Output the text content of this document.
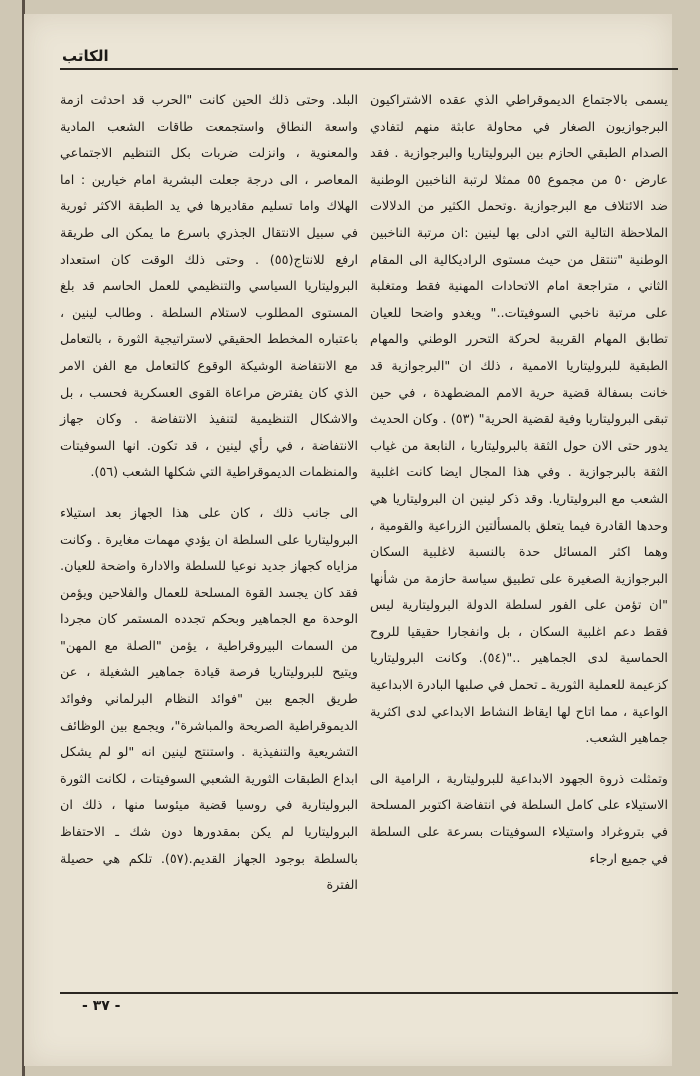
الكاتب

يسمى بالاجتماع الديموقراطي الذي عقده الاشتراكيون البرجوازيون الصغار في محاولة عابثة منهم لتفادي الصدام الطبقي الحازم بين البروليتاريا والبرجوازية . فقد عارض ٥٠ من مجموع ٥٥ ممثلا لرتبة الناخبين الوطنية ضد الائتلاف مع البرجوازية .وتحمل الكثير من الدلالات الملاحظة التالية التي ادلى بها لينين :ان مرتبة الناخبين الوطنية "تنتقل من حيث مستوى الراديكالية الى المقام الثاني ، متراجعة امام الاتحادات المهنية فقط ومتغلبة على مرتبة ناخبي السوفيتات.." ويغدو واضحا للعيان تطابق المهام القريبة لحركة التحرر الوطني والمهام الطبقية للبروليتاريا الاممية ، ذلك ان "البرجوازية قد خانت بسفالة قضية حرية الامم المضطهدة ، في حين تبقى البروليتاريا وفية لقضية الحرية" (٥٣) . وكان الحديث يدور حتى الان حول الثقة بالبروليتاريا ، النابعة من غياب الثقة بالبرجوازية . وفي هذا المجال ايضا كانت اغلبية الشعب مع البروليتاريا. وقد ذكر لينين ان البروليتاريا هي وحدها القادرة فيما يتعلق بالمسألتين الزراعية والقومية ، وهما اكثر المسائل حدة بالنسبة لاغلبية السكان البرجوازية الصغيرة على تطبيق سياسة حازمة من شأنها "ان تؤمن على الفور لسلطة الدولة البروليتارية ليس فقط دعم اغلبية السكان ، بل وانفجارا حقيقيا للروح الحماسية لدى الجماهير .."(٥٤). وكانت البروليتاريا كزعيمة للعملية الثورية ـ تحمل في صلبها البادرة الابداعية الواعية ، مما اتاح لها ايقاظ النشاط الابداعي لدى اكثرية جماهير الشعب.

وتمثلت ذروة الجهود الابداعية للبروليتارية ، الرامية الى الاستيلاء على كامل السلطة في انتفاضة اكتوبر المسلحة في بتروغراد واستيلاء السوفيتات بسرعة على السلطة في جميع ارجاء

البلد. وحتى ذلك الحين كانت "الحرب قد احدثت ازمة واسعة النطاق واستجمعت طاقات الشعب المادية والمعنوية ، وانزلت ضربات بكل التنظيم الاجتماعي المعاصر ، الى درجة جعلت البشرية امام خيارين : اما الهلاك واما تسليم مقاديرها في يد الطبقة الاكثر ثورية في سبيل الانتقال الجذري باسرع ما يمكن الى طريقة ارفع للانتاج(٥٥) . وحتى ذلك الوقت كان استعداد البروليتاريا السياسي والتنظيمي للعمل الحاسم قد بلغ المستوى المطلوب لاستلام السلطة . وطالب لينين ، باعتباره المخطط الحقيقي لاستراتيجية الثورة ، بالتعامل مع الانتفاضة الوشيكة الوقوع كالتعامل مع الفن الامر الذي كان يفترض مراعاة القوى العسكرية فحسب ، بل والاشكال التنظيمية لتنفيذ الانتفاضة . وكان جهاز الانتفاضة ، في رأي لينين ، قد تكون. انها السوفيتات والمنظمات الديموقراطية التي شكلها الشعب (٥٦).

الى جانب ذلك ، كان على هذا الجهاز بعد استيلاء البروليتاريا على السلطة ان يؤدي مهمات مغايرة . وكانت مزاياه كجهاز جديد نوعيا للسلطة والادارة واضحة للعيان. فقد كان يجسد القوة المسلحة للعمال والفلاحين ويؤمن الوحدة مع الجماهير وبحكم تجدده المستمر كان مجردا من السمات البيروقراطية ، يؤمن "الصلة مع المهن" ويتيح للبروليتاريا فرصة قيادة جماهير الشغيلة ، عن طريق الجمع بين "فوائد النظام البرلماني وفوائد الديموقراطية الصريحة والمباشرة"، ويجمع بين الوظائف التشريعية والتنفيذية . واستنتج لينين انه "لو لم يشكل ابداع الطبقات الثورية الشعبي السوفيتات ، لكانت الثورة البروليتارية في روسيا قضية ميئوسا منها ، ذلك ان البروليتاريا لم يكن بمقدورها دون شك ـ الاحتفاظ بالسلطة بوجود الجهاز القديم.(٥٧). تلكم هي حصيلة الفترة

- ٣٧ -
